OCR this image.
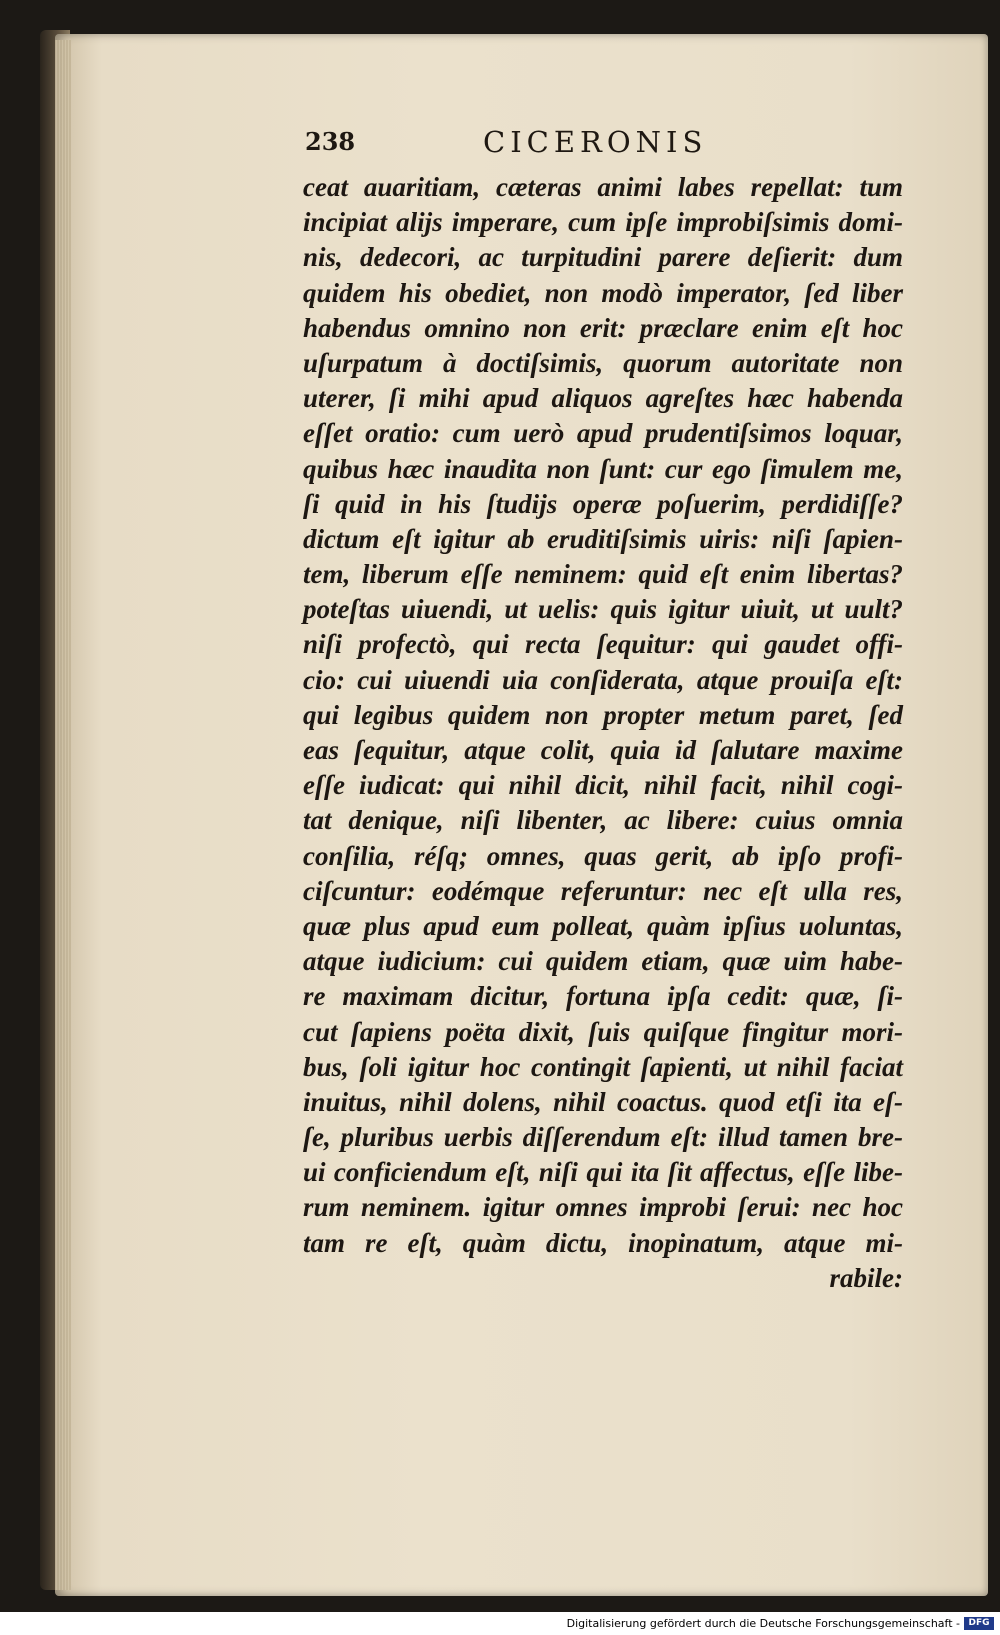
238	CICERONIS
ceat auaritiam, cæteras animi labes repellat: tum
incipiat alijs imperare, cum ipſe improbiſsimis domi-
nis, dedecori, ac turpitudini parere deſierit: dum
quidem his obediet, non modò imperator, ſed liber
habendus omnino non erit: præclare enim eſt hoc
uſurpatum à doctiſsimis, quorum autoritate non
uterer, ſi mihi apud aliquos agreſtes hæc habenda
eſſet oratio: cum uerò apud prudentiſsimos loquar,
quibus hæc inaudita non ſunt: cur ego ſimulem me,
ſi quid in his ſtudijs operæ poſuerim, perdidiſſe?
dictum eſt igitur ab eruditiſsimis uiris: niſi ſapien-
tem, liberum eſſe neminem: quid eſt enim libertas?
poteſtas uiuendi, ut uelis: quis igitur uiuit, ut uult?
niſi profectò, qui recta ſequitur: qui gaudet offi-
cio: cui uiuendi uia conſiderata, atque prouiſa eſt:
qui legibus quidem non propter metum paret, ſed
eas ſequitur, atque colit, quia id ſalutare maxime
eſſe iudicat: qui nihil dicit, nihil facit, nihil cogi-
tat denique, niſi libenter, ac libere: cuius omnia
conſilia, réſq; omnes, quas gerit, ab ipſo profi-
ciſcuntur: eodémque referuntur: nec eſt ulla res,
quæ plus apud eum polleat, quàm ipſius uoluntas,
atque iudicium: cui quidem etiam, quæ uim habe-
re maximam dicitur, fortuna ipſa cedit: quæ, ſi-
cut ſapiens poëta dixit, ſuis quiſque fingitur mori-
bus, ſoli igitur hoc contingit ſapienti, ut nihil faciat
inuitus, nihil dolens, nihil coactus. quod etſi ita eſ-
ſe, pluribus uerbis diſſerendum eſt: illud tamen bre-
ui conficiendum eſt, niſi qui ita ſit affectus, eſſe libe-
rum neminem. igitur omnes improbi ſerui: nec hoc
tam re eſt, quàm dictu, inopinatum, atque mi-
rabile:
Digitalisierung gefördert durch die Deutsche Forschungsgemeinschaft - DFG
